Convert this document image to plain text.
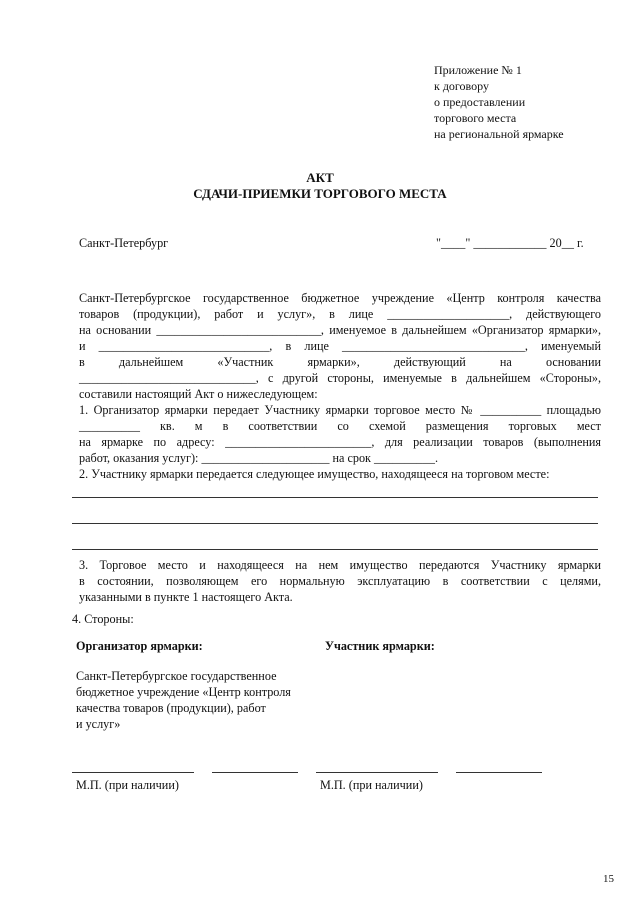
Приложение № 1
к договору
о предоставлении
торгового места
на региональной ярмарке
АКТ
СДАЧИ-ПРИЕМКИ ТОРГОВОГО МЕСТА
Санкт-Петербург	"____" ____________ 20__ г.
Санкт-Петербургское государственное бюджетное учреждение «Центр контроля качества
товаров (продукции), работ и услуг», в лице ____________________, действующего
на основании ___________________________, именуемое в дальнейшем «Организатор ярмарки»,
и ____________________________, в лице ______________________________, именуемый
в дальнейшем «Участник ярмарки», действующий на основании
_____________________________, с другой стороны, именуемые в дальнейшем «Стороны»,
составили настоящий Акт о нижеследующем:
1. Организатор ярмарки передает Участнику ярмарки торговое место № __________ площадью
__________ кв. м в соответствии со схемой размещения торговых мест
на ярмарке по адресу: ________________________, для реализации товаров (выполнения
работ, оказания услуг): _____________________ на срок __________.
2. Участнику ярмарки передается следующее имущество, находящееся на торговом месте:
3. Торговое место и находящееся на нем имущество передаются Участнику ярмарки
в состоянии, позволяющем его нормальную эксплуатацию в соответствии с целями,
указанными в пункте 1 настоящего Акта.
4. Стороны:
Организатор ярмарки:	Участник ярмарки:
Санкт-Петербургское государственное
бюджетное учреждение «Центр контроля
качества товаров (продукции), работ
и услуг»
М.П. (при наличии)	М.П. (при наличии)
15
